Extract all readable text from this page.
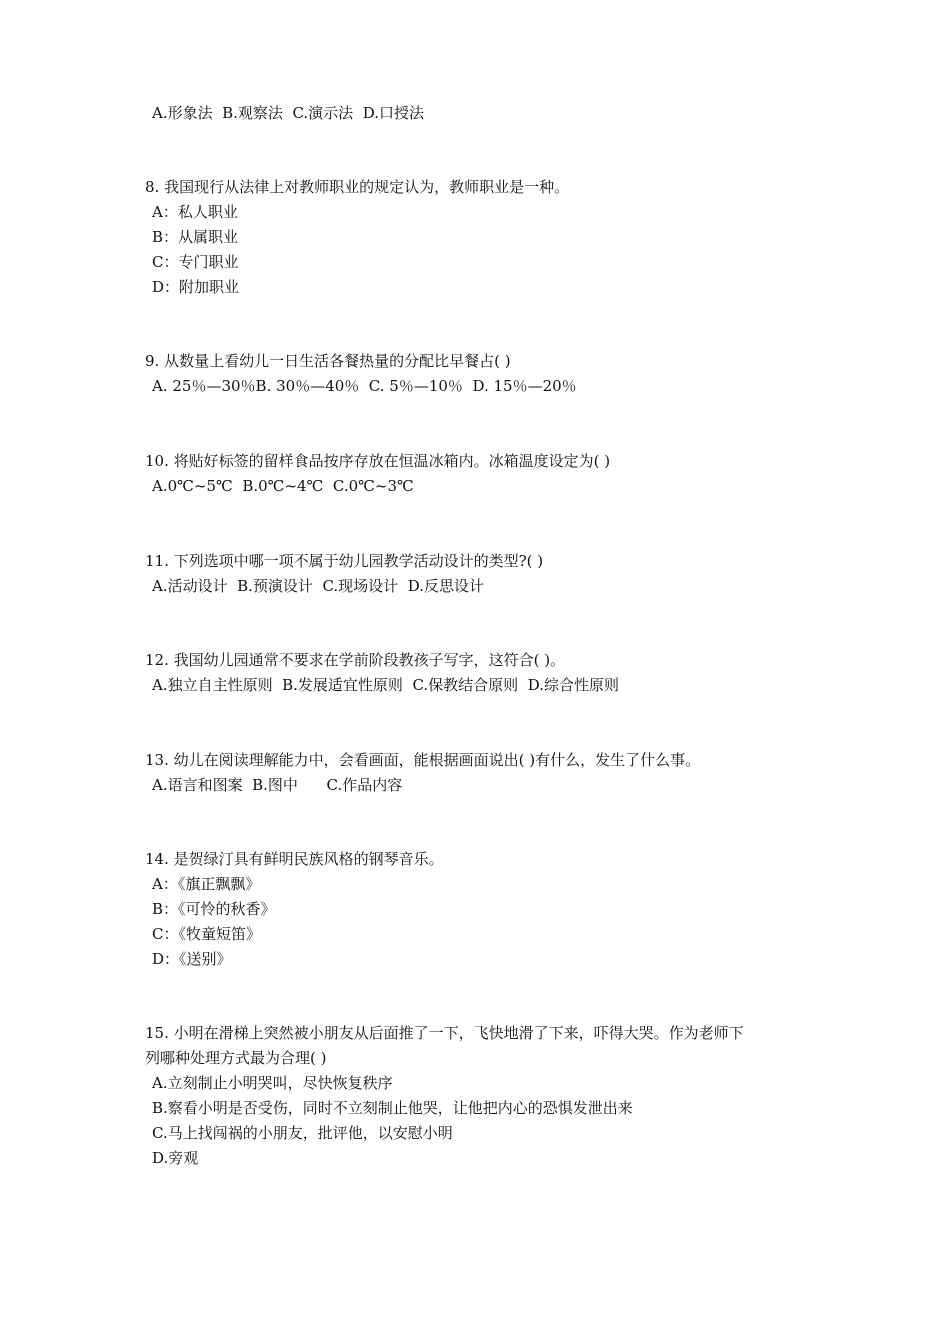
A.形象法  B.观察法  C.演示法  D.口授法
8. 我国现行从法律上对教师职业的规定认为，教师职业是一种。
A：私人职业
B：从属职业
C：专门职业
D：附加职业
9. 从数量上看幼儿一日生活各餐热量的分配比早餐占( )
A. 25％—30％B. 30％—40％  C. 5％—10％  D. 15％—20％
10. 将贴好标签的留样食品按序存放在恒温冰箱内。冰箱温度设定为( )
A.0℃~5℃  B.0℃~4℃  C.0℃~3℃
11. 下列选项中哪一项不属于幼儿园教学活动设计的类型?( )
A.活动设计  B.预演设计  C.现场设计  D.反思设计
12. 我国幼儿园通常不要求在学前阶段教孩子写字，这符合( )。
A.独立自主性原则  B.发展适宜性原则  C.保教结合原则  D.综合性原则
13. 幼儿在阅读理解能力中，会看画面，能根据画面说出( )有什么，发生了什么事。
A.语言和图案  B.图中      C.作品内容
14. 是贺绿汀具有鲜明民族风格的钢琴音乐。
A：《旗正飘飘》
B：《可怜的秋香》
C：《牧童短笛》
D：《送别》
15. 小明在滑梯上突然被小朋友从后面推了一下，飞快地滑了下来，吓得大哭。作为老师下
列哪种处理方式最为合理( )
A.立刻制止小明哭叫，尽快恢复秩序
B.察看小明是否受伤，同时不立刻制止他哭，让他把内心的恐惧发泄出来
C.马上找闯祸的小朋友，批评他，以安慰小明
D.旁观
